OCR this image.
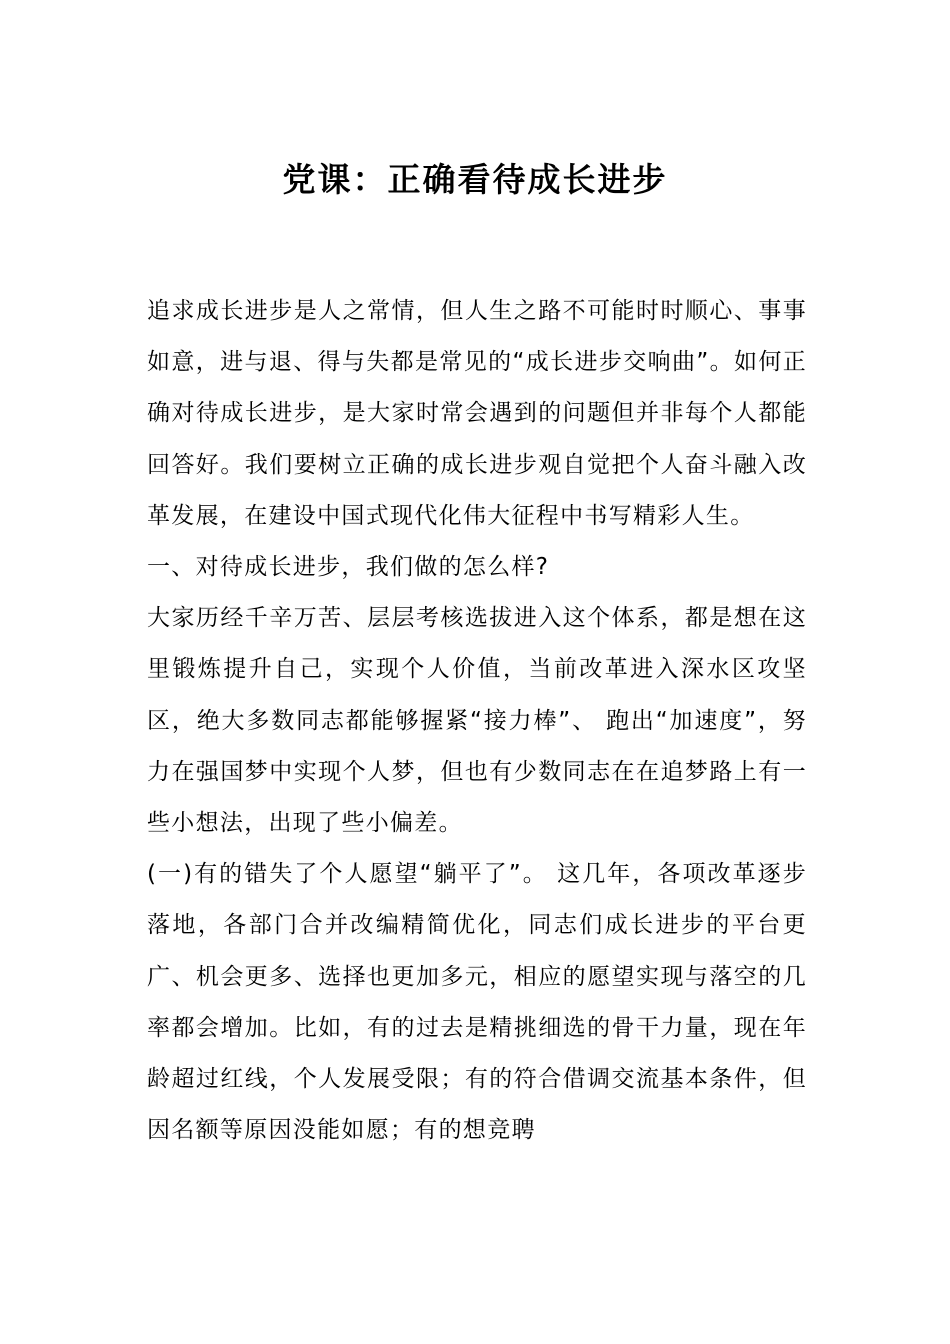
党课：正确看待成长进步

追求成长进步是人之常情，但人生之路不可能时时顺心、事事如意，进与退、得与失都是常见的“成长进步交响曲”。如何正确对待成长进步，是大家时常会遇到的问题但并非每个人都能回答好。我们要树立正确的成长进步观自觉把个人奋斗融入改革发展，在建设中国式现代化伟大征程中书写精彩人生。

一、对待成长进步，我们做的怎么样?

大家历经千辛万苦、层层考核选拔进入这个体系，都是想在这里锻炼提升自己，实现个人价值，当前改革进入深水区攻坚区，绝大多数同志都能够握紧“接力棒”、 跑出“加速度”，努力在强国梦中实现个人梦，但也有少数同志在在追梦路上有一些小想法，出现了些小偏差。

(一)有的错失了个人愿望“躺平了”。 这几年，各项改革逐步落地，各部门合并改编精简优化，同志们成长进步的平台更广、机会更多、选择也更加多元，相应的愿望实现与落空的几率都会增加。比如，有的过去是精挑细选的骨干力量，现在年龄超过红线，个人发展受限；有的符合借调交流基本条件，但因名额等原因没能如愿；有的想竞聘
